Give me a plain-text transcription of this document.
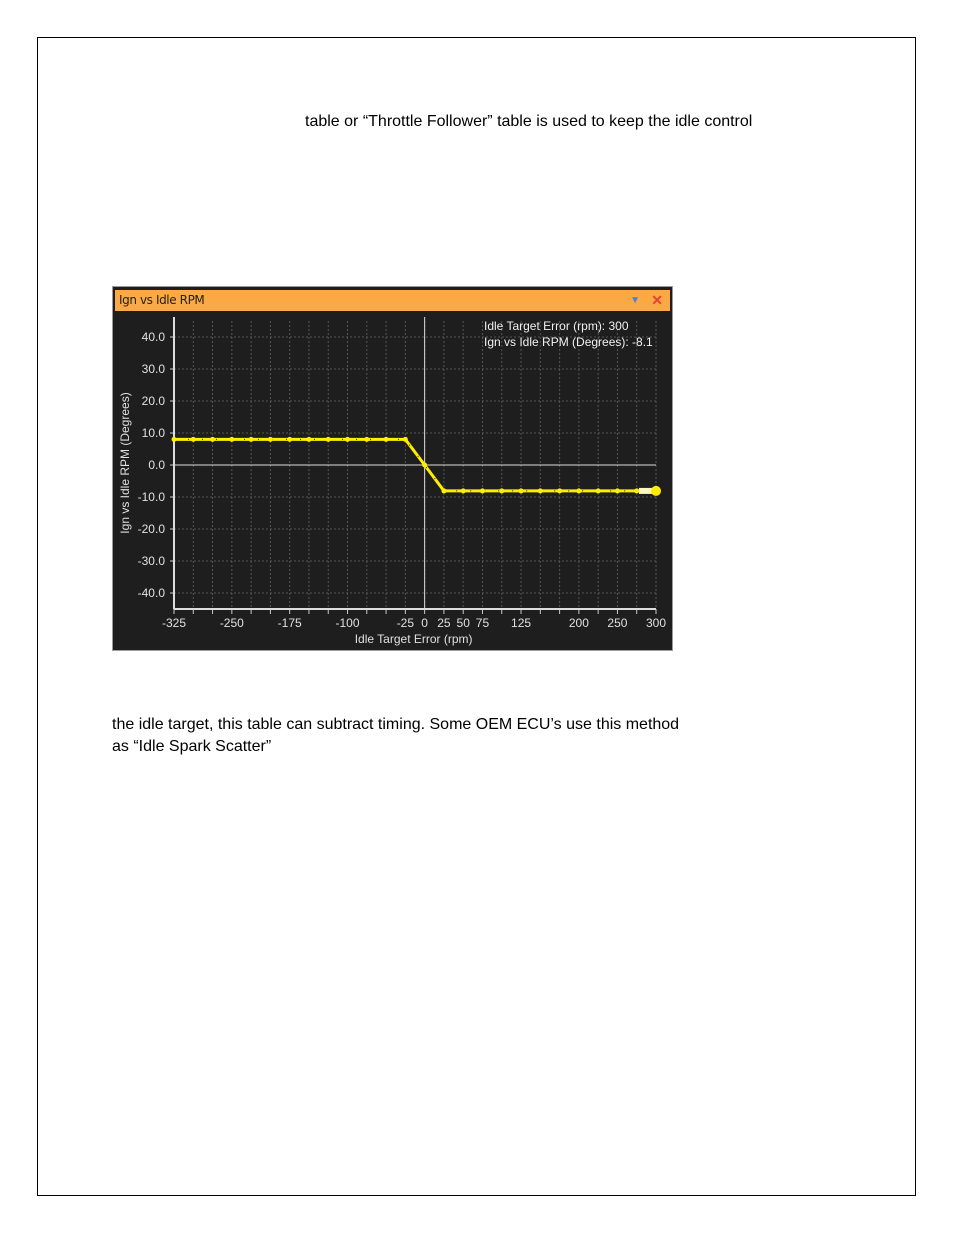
table or “Throttle Follower” table is used to keep the idle control
the idle target, this table can subtract timing. Some OEM ECU’s use this method
as “Idle Spark Scatter”
Ign vs Idle RPM	▼ ✕
40.0
30.0
20.0
10.0
0.0
-10.0
-20.0
-30.0
-40.0
-325	-250	-175	-100	-25 0 25 50 75 125	200 250 300
Idle Target Error (rpm)
Ign vs Idle RPM (Degrees)
Idle Target Error (rpm): 300
Ign vs Idle RPM (Degrees): -8.1
